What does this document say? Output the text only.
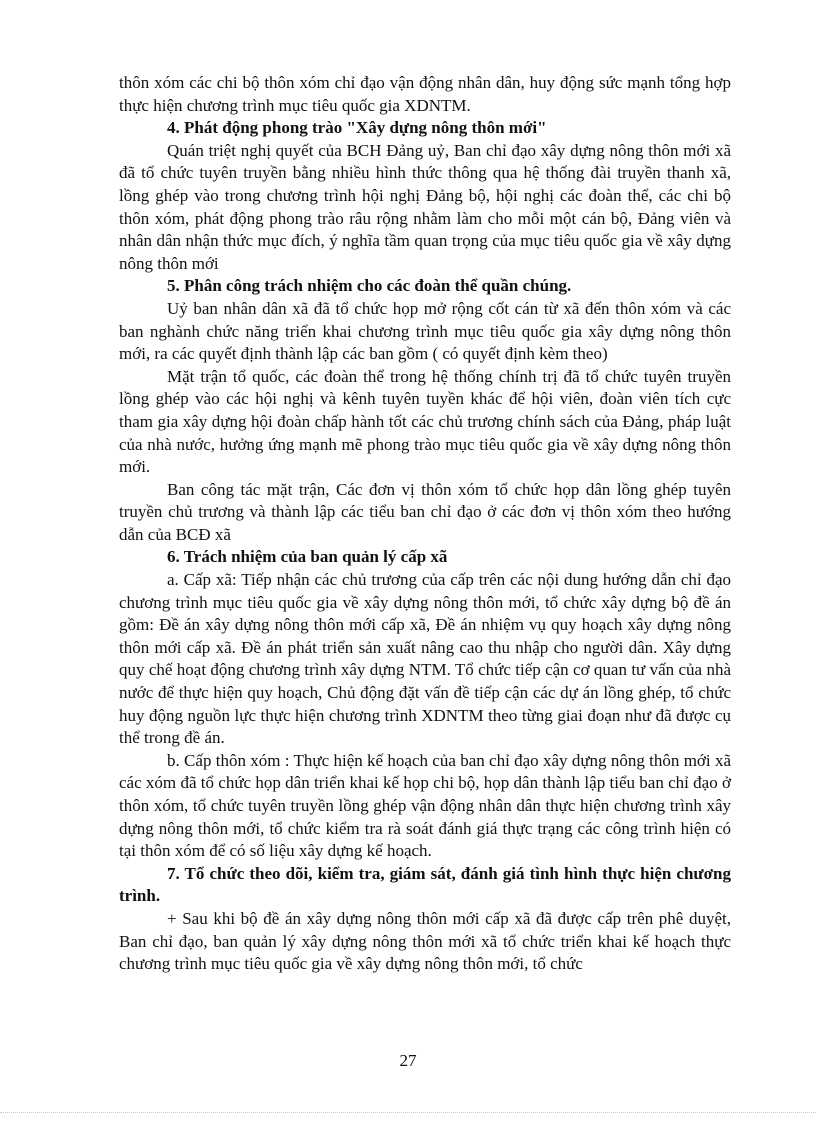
thôn xóm các chi bộ thôn xóm chỉ đạo vận động nhân dân, huy động sức mạnh tổng hợp thực hiện chương trình mục tiêu quốc gia XDNTM.

4. Phát động phong trào "Xây dựng nông thôn mới"

Quán triệt nghị quyết của BCH Đảng uỷ, Ban chỉ đạo xây dựng nông thôn mới xã đã tổ chức tuyên truyền bằng nhiều hình thức thông qua hệ thống đài truyền thanh xã, lồng ghép vào trong chương trình hội nghị Đảng bộ, hội nghị các đoàn thể, các chi bộ thôn xóm, phát động phong trào râu rộng nhằm làm cho mỗi một cán bộ, Đảng viên và nhân dân nhận thức mục đích, ý nghĩa tầm quan trọng của mục tiêu quốc gia về xây dựng nông thôn mới

5. Phân công trách nhiệm cho các đoàn thể quần chúng.

Uỷ ban nhân dân xã đã tổ chức họp mở rộng cốt cán từ xã đến thôn xóm và các ban nghành chức năng triển khai chương trình mục tiêu quốc gia xây dựng nông thôn mới, ra các quyết định thành lập các ban gồm ( có quyết định kèm theo)

Mặt trận tổ quốc, các đoàn thể trong hệ thống chính trị đã tổ chức tuyên truyền lồng ghép vào các hội nghị và kênh tuyên tuyền khác để hội viên, đoàn viên tích cực tham gia xây dựng hội đoàn chấp hành tốt các chủ trương chính sách của Đảng, pháp luật của nhà nước, hưởng ứng mạnh mẽ phong trào mục tiêu quốc gia về xây dựng nông thôn mới.

Ban công tác mặt trận, Các đơn vị thôn xóm tổ chức họp dân lồng ghép tuyên truyền chủ trương và thành lập các tiểu ban chỉ đạo ở các đơn vị thôn xóm theo hướng dẫn của BCĐ xã

6. Trách nhiệm của ban quản lý cấp xã

a. Cấp xã: Tiếp nhận các chủ trương của cấp trên các nội dung hướng dẫn chỉ đạo chương trình mục tiêu quốc gia về xây dựng nông thôn mới, tổ chức xây dựng bộ đề án gồm: Đề án xây dựng nông thôn mới cấp xã, Đề án nhiệm vụ quy hoạch xây dựng nông thôn mới cấp xã. Đề án phát triển sản xuất nâng cao thu nhập cho người dân. Xây dựng quy chế hoạt động chương trình xây dựng NTM. Tổ chức tiếp cận cơ quan tư vấn của nhà nước để thực hiện quy hoạch, Chủ động đặt vấn đề tiếp cận các dự án lồng ghép, tổ chức huy động nguồn lực thực hiện chương trình XDNTM theo từng giai đoạn như đã được cụ thể trong đề án.

b. Cấp thôn xóm : Thực hiện kế hoạch của ban chỉ đạo xây dựng nông thôn mới xã các xóm đã tổ chức họp dân triển khai kế họp chi bộ, họp dân thành lập tiểu ban chỉ đạo ở thôn xóm, tổ chức tuyên truyền lồng ghép vận động nhân dân thực hiện chương trình xây dựng nông thôn mới, tổ chức kiểm tra rà soát đánh giá thực trạng các công trình hiện có tại thôn xóm để có số liệu xây dựng kế hoạch.

7. Tổ chức theo dõi, kiểm tra, giám sát, đánh giá tình hình thực hiện chương trình.

+ Sau khi bộ đề án xây dựng nông thôn mới cấp xã đã được cấp trên phê duyệt, Ban chỉ đạo, ban quản lý xây dựng nông thôn mới xã tổ chức triển khai kế hoạch thực chương trình mục tiêu quốc gia về xây dựng nông thôn mới, tổ chức

27
